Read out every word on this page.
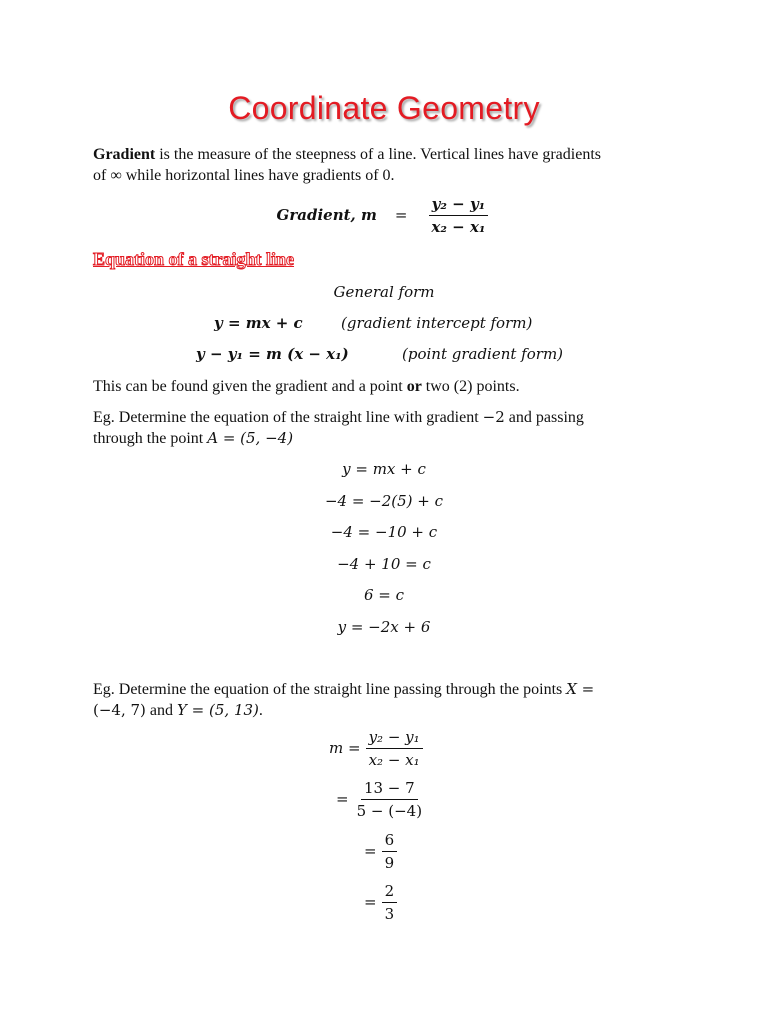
Coordinate Geometry
Gradient is the measure of the steepness of a line. Vertical lines have gradients
of ∞ while horizontal lines have gradients of 0.
Gradient, $m = \frac{\text{y₂ − y₁}}{\text{x₂ − x₁}}$
Equation of a straight line
General form
y = mx + c	(gradient intercept form)
y − y₁ = m (x − x₁)	(point gradient form)
This can be found given the gradient and a point or two (2) points.
Eg. Determine the equation of the straight line with gradient −2 and passing
through the point A = (5, −4)
y = mx + c
−4 = −2(5) + c
−4 = −10 + c
−4 + 10 = c
6 = c
y = −2x + 6
Eg. Determine the equation of the straight line passing through the points X =
(−4, 7) and Y = (5, 13).
$m = \frac{\text{y₂ − y₁}}{\text{x₂ − x₁}}$
= $\frac{13 - 7}{5 - (-4)}$
= $\frac{6}{9}$
= $\frac{2}{3}$
